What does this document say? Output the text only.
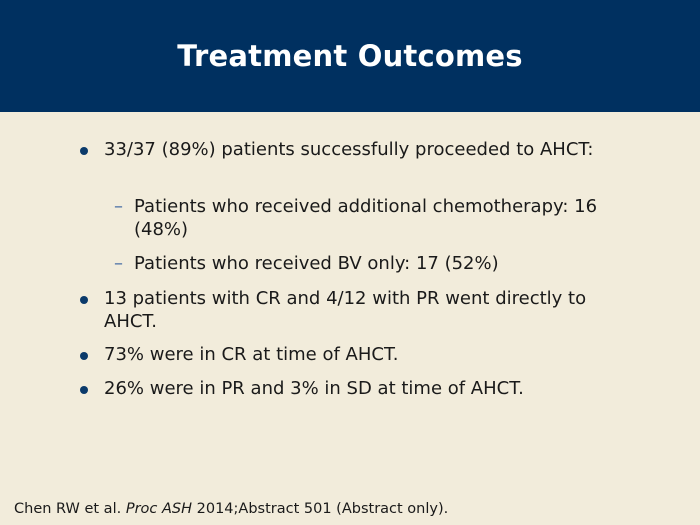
Treatment Outcomes
33/37 (89%) patients successfully proceeded to AHCT:
– Patients who received additional chemotherapy: 16 (48%)
– Patients who received BV only: 17 (52%)
13 patients with CR and 4/12 with PR went directly to AHCT.
73% were in CR at time of AHCT.
26% were in PR and 3% in SD at time of AHCT.
Chen RW et al. Proc ASH 2014;Abstract 501 (Abstract only).
